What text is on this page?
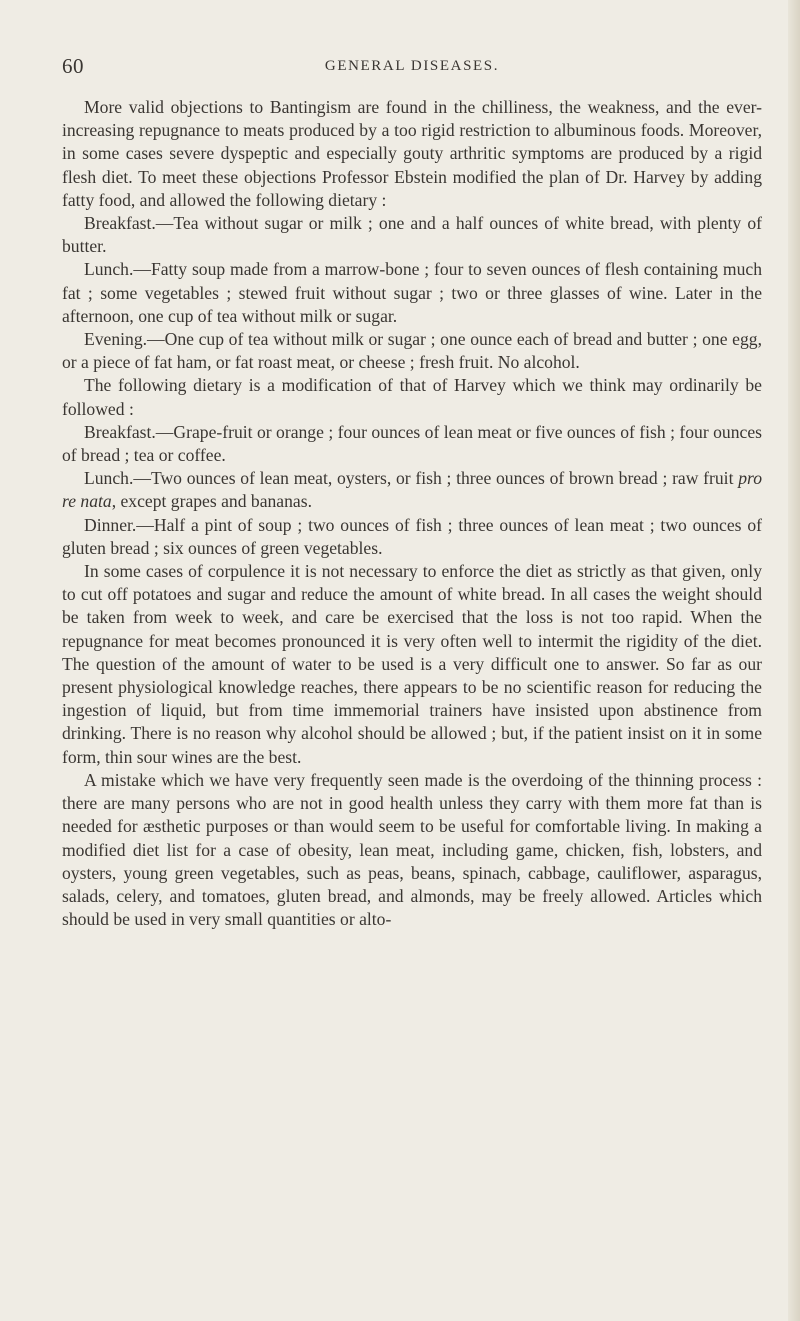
60	GENERAL DISEASES.

More valid objections to Bantingism are found in the chilliness, the weakness, and the ever-increasing repugnance to meats produced by a too rigid restriction to albuminous foods. Moreover, in some cases severe dyspeptic and especially gouty arthritic symptoms are produced by a rigid flesh diet. To meet these objections Professor Ebstein modified the plan of Dr. Harvey by adding fatty food, and allowed the following dietary :

Breakfast.—Tea without sugar or milk ; one and a half ounces of white bread, with plenty of butter.

Lunch.—Fatty soup made from a marrow-bone ; four to seven ounces of flesh containing much fat ; some vegetables ; stewed fruit without sugar ; two or three glasses of wine. Later in the afternoon, one cup of tea without milk or sugar.

Evening.—One cup of tea without milk or sugar ; one ounce each of bread and butter ; one egg, or a piece of fat ham, or fat roast meat, or cheese ; fresh fruit. No alcohol.

The following dietary is a modification of that of Harvey which we think may ordinarily be followed :

Breakfast.—Grape-fruit or orange ; four ounces of lean meat or five ounces of fish ; four ounces of bread ; tea or coffee.

Lunch.—Two ounces of lean meat, oysters, or fish ; three ounces of brown bread ; raw fruit pro re nata, except grapes and bananas.

Dinner.—Half a pint of soup ; two ounces of fish ; three ounces of lean meat ; two ounces of gluten bread ; six ounces of green vegetables.

In some cases of corpulence it is not necessary to enforce the diet as strictly as that given, only to cut off potatoes and sugar and reduce the amount of white bread. In all cases the weight should be taken from week to week, and care be exercised that the loss is not too rapid. When the repugnance for meat becomes pronounced it is very often well to intermit the rigidity of the diet. The question of the amount of water to be used is a very difficult one to answer. So far as our present physiological knowledge reaches, there appears to be no scientific reason for reducing the ingestion of liquid, but from time immemorial trainers have insisted upon abstinence from drinking. There is no reason why alcohol should be allowed ; but, if the patient insist on it in some form, thin sour wines are the best.

A mistake which we have very frequently seen made is the overdoing of the thinning process : there are many persons who are not in good health unless they carry with them more fat than is needed for æsthetic purposes or than would seem to be useful for comfortable living. In making a modified diet list for a case of obesity, lean meat, including game, chicken, fish, lobsters, and oysters, young green vegetables, such as peas, beans, spinach, cabbage, cauliflower, asparagus, salads, celery, and tomatoes, gluten bread, and almonds, may be freely allowed. Articles which should be used in very small quantities or alto-
